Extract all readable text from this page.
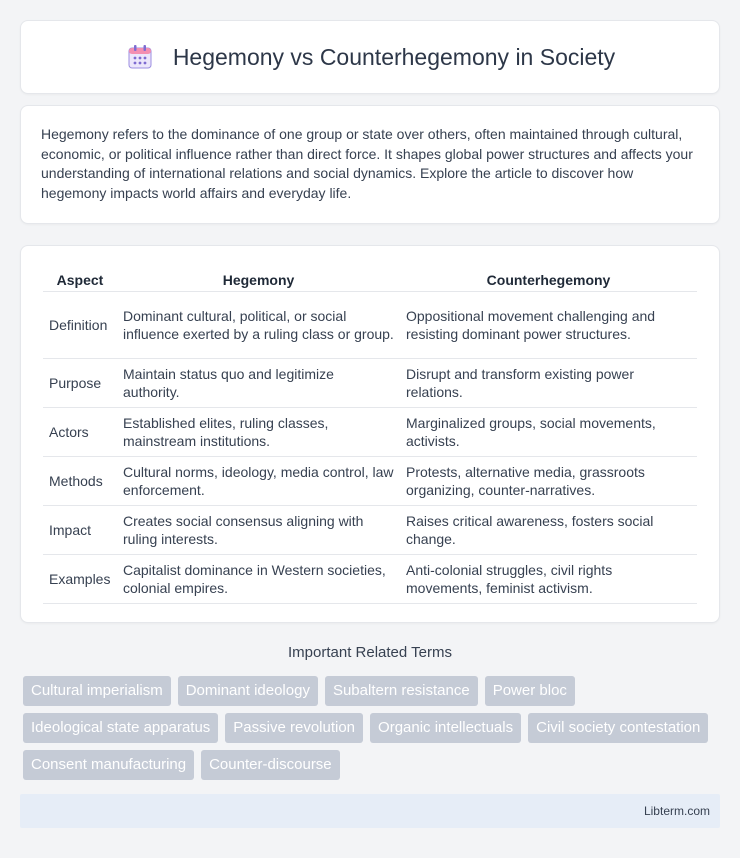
Hegemony vs Counterhegemony in Society

Hegemony refers to the dominance of one group or state over others, often maintained through cultural, economic, or political influence rather than direct force. It shapes global power structures and affects your understanding of international relations and social dynamics. Explore the article to discover how hegemony impacts world affairs and everyday life.

Aspect	Hegemony	Counterhegemony
Definition	Dominant cultural, political, or social influence exerted by a ruling class or group.	Oppositional movement challenging and resisting dominant power structures.
Purpose	Maintain status quo and legitimize authority.	Disrupt and transform existing power relations.
Actors	Established elites, ruling classes, mainstream institutions.	Marginalized groups, social movements, activists.
Methods	Cultural norms, ideology, media control, law enforcement.	Protests, alternative media, grassroots organizing, counter-narratives.
Impact	Creates social consensus aligning with ruling interests.	Raises critical awareness, fosters social change.
Examples	Capitalist dominance in Western societies, colonial empires.	Anti-colonial struggles, civil rights movements, feminist activism.
Important Related Terms
Cultural imperialism	Dominant ideology	Subaltern resistance	Power bloc
Ideological state apparatus	Passive revolution	Organic intellectuals	Civil society contestation
Consent manufacturing	Counter-discourse
Libterm.com
